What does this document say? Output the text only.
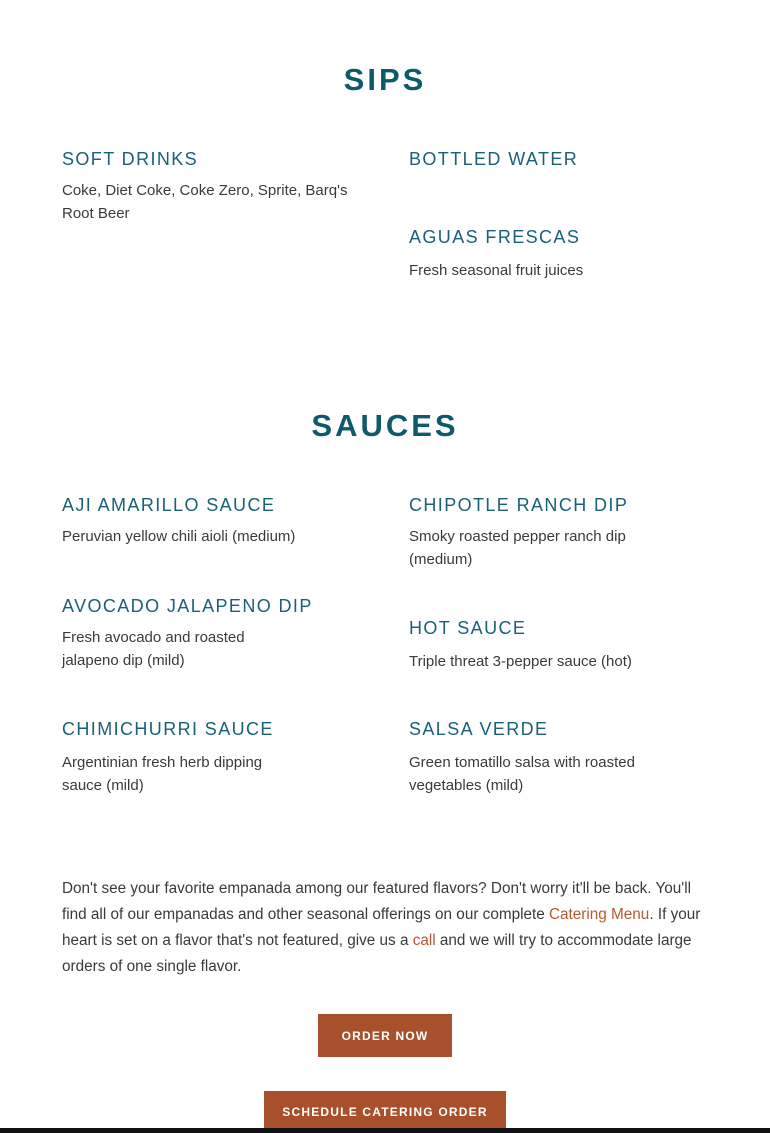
SIPS
SOFT DRINKS
Coke, Diet Coke, Coke Zero, Sprite, Barq's Root Beer
BOTTLED WATER
AGUAS FRESCAS
Fresh seasonal fruit juices
SAUCES
AJI AMARILLO SAUCE
Peruvian yellow chili aioli (medium)
CHIPOTLE RANCH DIP
Smoky roasted pepper ranch dip (medium)
AVOCADO JALAPENO DIP
Fresh avocado and roasted jalapeno dip (mild)
HOT SAUCE
Triple threat 3-pepper sauce (hot)
CHIMICHURRI SAUCE
Argentinian fresh herb dipping sauce (mild)
SALSA VERDE
Green tomatillo salsa with roasted vegetables (mild)

Don't see your favorite empanada among our featured flavors? Don't worry it'll be back. You'll find all of our empanadas and other seasonal offerings on our complete Catering Menu. If your heart is set on a flavor that's not featured, give us a call and we will try to accommodate large orders of one single flavor.

ORDER NOW
SCHEDULE CATERING ORDER
